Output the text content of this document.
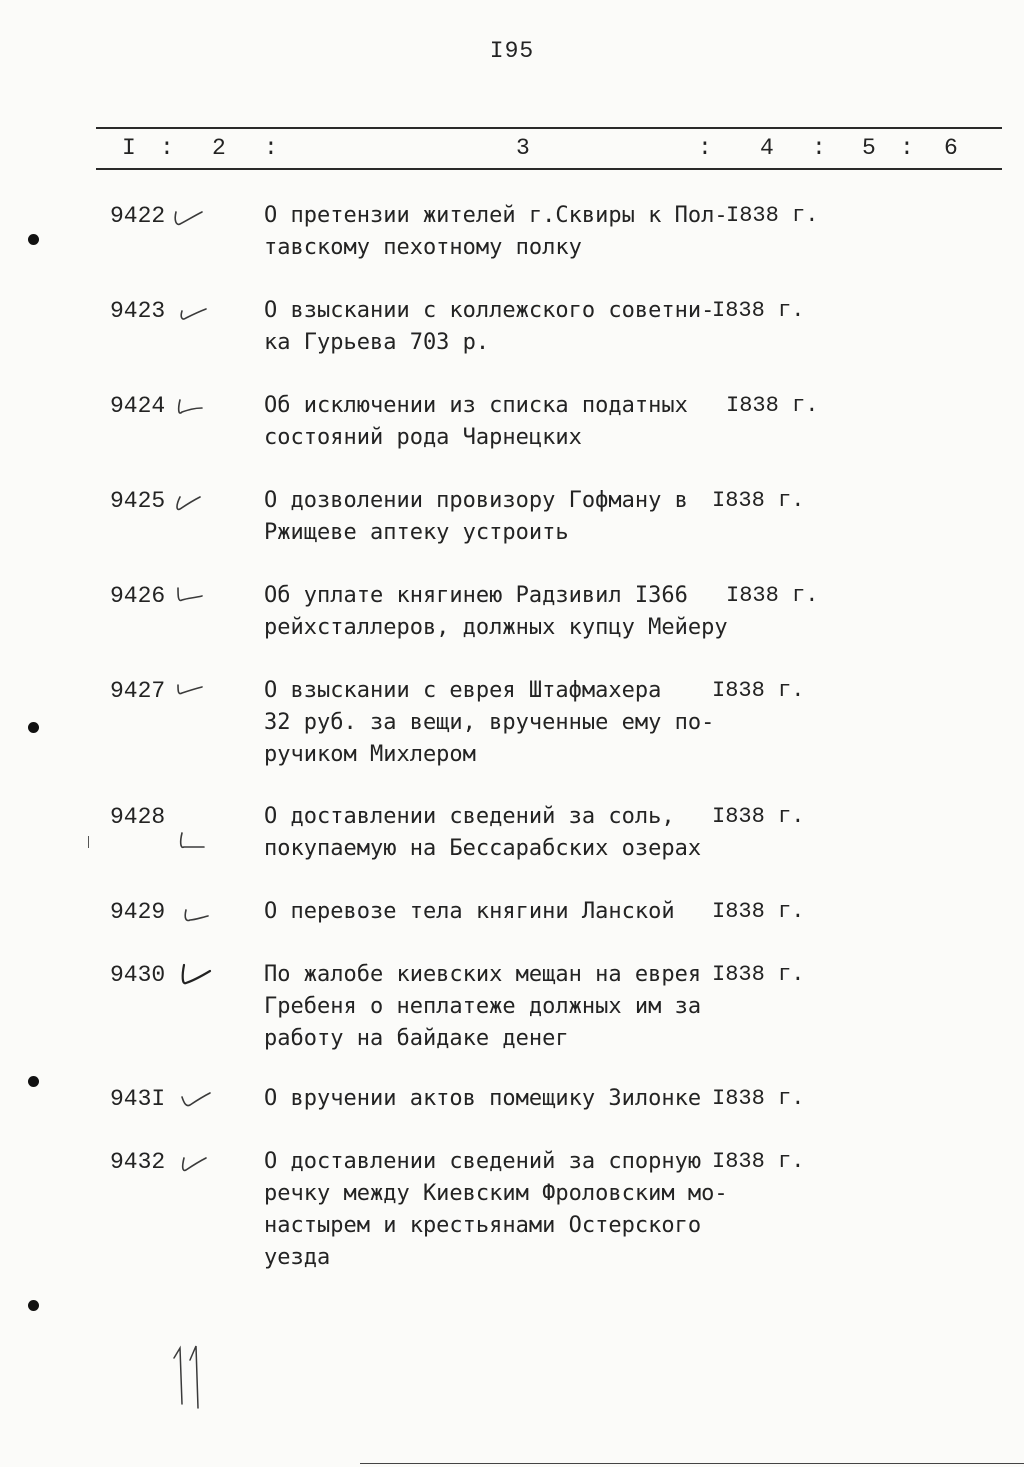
I95
I : 2 :	3	: 4 : 5 : 6
9422	О претензии жителей г.Сквиры к Пол-
тавскому пехотному полку
I838 г.
9423	О взыскании с коллежского советни-
ка Гурьева 703 р.
I838 г.
9424	Об исключении из списка податных
состояний рода Чарнецких
I838 г.
9425	О дозволении провизору Гофману в
Ржищеве аптеку устроить
I838 г.
9426	Об уплате княгинею Радзивил I366
рейхсталлеров, должных купцу Мейеру
I838 г.
9427	О взыскании с еврея Штафмахера
32 руб. за вещи, врученные ему по-
ручиком Михлером
I838 г.
9428	О доставлении сведений за соль,
покупаемую на Бессарабских озерах
I838 г.
9429	О перевозе тела княгини Ланской	I838 г.
9430	По жалобе киевских мещан на еврея
Гребеня о неплатеже должных им за
работу на байдаке денег
I838 г.
943I	О вручении актов помещику Зилонке I838 г.
9432	О доставлении сведений за спорную
речку между Киевским Фроловским мо-
настырем и крестьянами Остерского
уезда
I838 г.
